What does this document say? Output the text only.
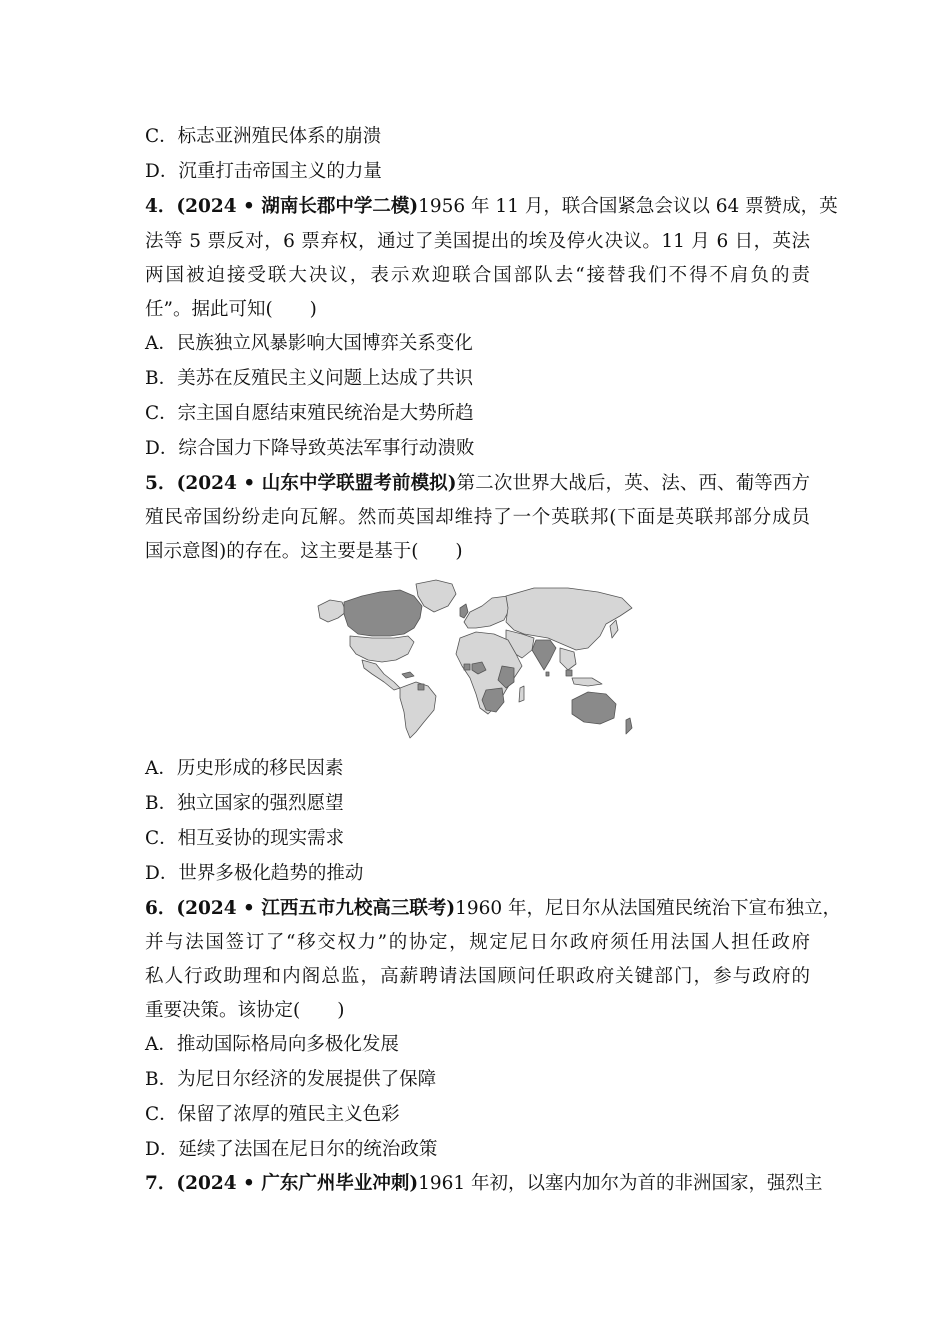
C．标志亚洲殖民体系的崩溃
D．沉重打击帝国主义的力量
4．(2024 • 湖南长郡中学二模)1956 年 11 月，联合国紧急会议以 64 票赞成，英
法等 5 票反对，6 票弃权，通过了美国提出的埃及停火决议。11 月 6 日，英法
两国被迫接受联大决议，表示欢迎联合国部队去“接替我们不得不肩负的责
任”。据此可知(　　)
A．民族独立风暴影响大国博弈关系变化
B．美苏在反殖民主义问题上达成了共识
C．宗主国自愿结束殖民统治是大势所趋
D．综合国力下降导致英法军事行动溃败
5．(2024 • 山东中学联盟考前模拟)第二次世界大战后，英、法、西、葡等西方
殖民帝国纷纷走向瓦解。然而英国却维持了一个英联邦(下面是英联邦部分成员
国示意图)的存在。这主要是基于(　　)
A．历史形成的移民因素
B．独立国家的强烈愿望
C．相互妥协的现实需求
D．世界多极化趋势的推动
6．(2024 • 江西五市九校高三联考)1960 年，尼日尔从法国殖民统治下宣布独立，
并与法国签订了“移交权力”的协定，规定尼日尔政府须任用法国人担任政府
私人行政助理和内阁总监，高薪聘请法国顾问任职政府关键部门，参与政府的
重要决策。该协定(　　)
A．推动国际格局向多极化发展
B．为尼日尔经济的发展提供了保障
C．保留了浓厚的殖民主义色彩
D．延续了法国在尼日尔的统治政策
7．(2024 • 广东广州毕业冲刺)1961 年初，以塞内加尔为首的非洲国家，强烈主
